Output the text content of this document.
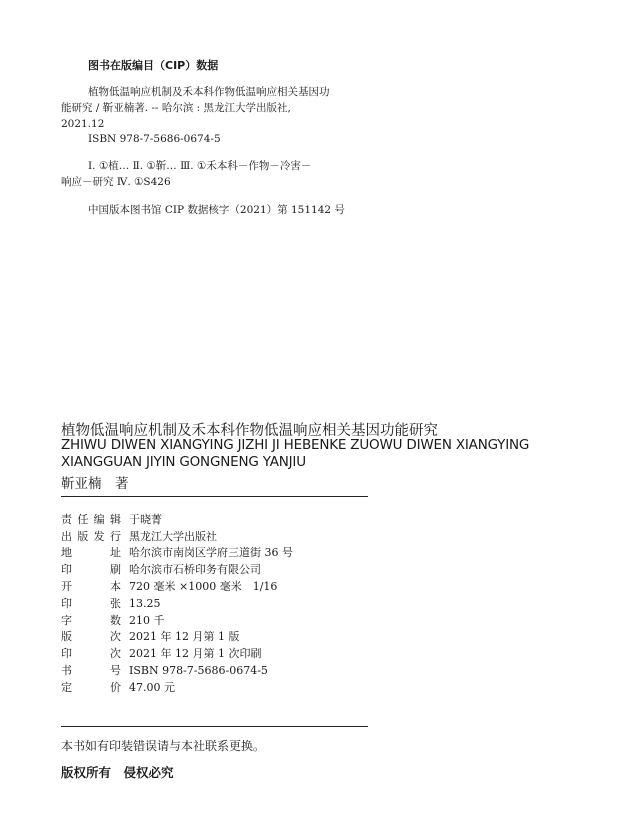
图书在版编目（CIP）数据
植物低温响应机制及禾本科作物低温响应相关基因功
能研究 / 靳亚楠著. -- 哈尔滨 : 黑龙江大学出版社,
2021.12
ISBN 978-7-5686-0674-5
Ⅰ. ①植… Ⅱ. ①靳… Ⅲ. ①禾本科－作物－冷害－
响应－研究 Ⅳ. ①S426
中国版本图书馆 CIP 数据核字（2021）第 151142 号
植物低温响应机制及禾本科作物低温响应相关基因功能研究
ZHIWU DIWEN XIANGYING JIZHI JI HEBENKE ZUOWU DIWEN XIANGYING
XIANGGUAN JIYIN GONGNENG YANJIU
靳亚楠　著
责任编辑 于晓菁
出版发行 黑龙江大学出版社
地址 哈尔滨市南岗区学府三道街 36 号
印刷 哈尔滨市石桥印务有限公司
开本 720 毫米 ×1000 毫米　1/16
印张 13.25
字数 210 千
版次 2021 年 12 月第 1 版
印次 2021 年 12 月第 1 次印刷
书号 ISBN 978-7-5686-0674-5
定价 47.00 元
本书如有印装错误请与本社联系更换。
版权所有　侵权必究
